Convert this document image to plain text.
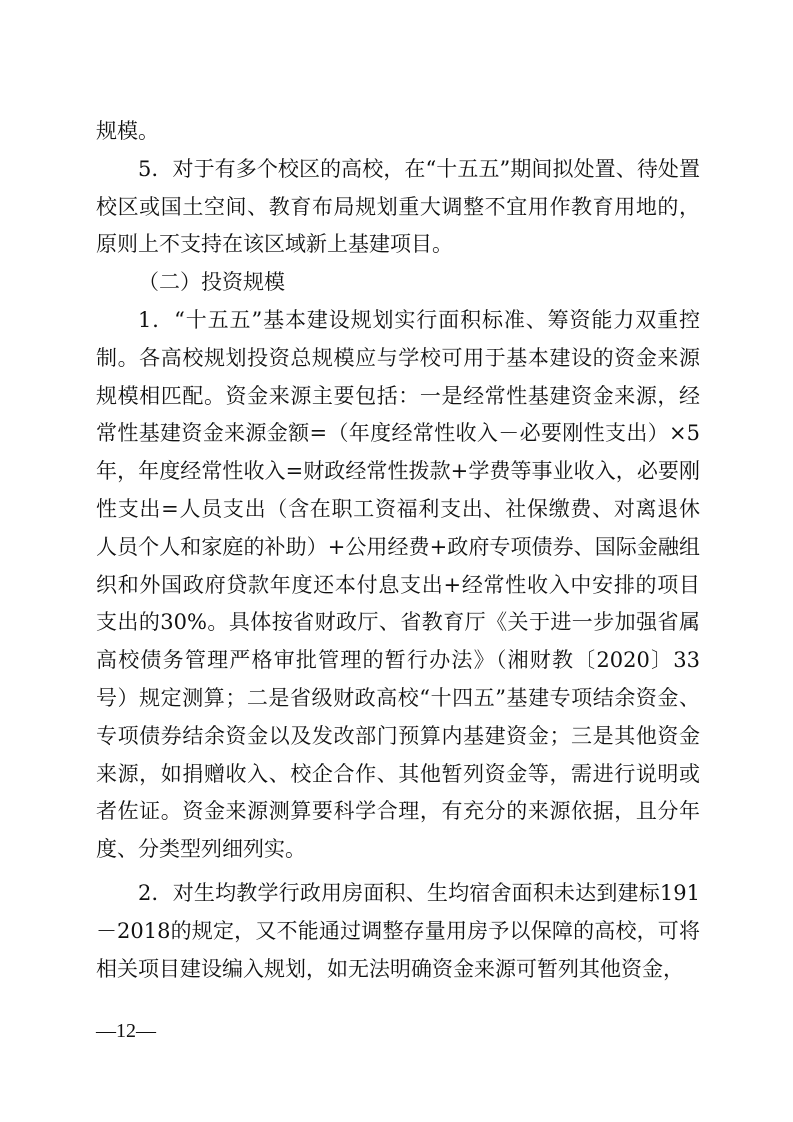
规模。

5．对于有多个校区的高校，在“十五五”期间拟处置、待处置校区或国土空间、教育布局规划重大调整不宜用作教育用地的，原则上不支持在该区域新上基建项目。

（二）投资规模

1．“十五五”基本建设规划实行面积标准、筹资能力双重控制。各高校规划投资总规模应与学校可用于基本建设的资金来源规模相匹配。资金来源主要包括：一是经常性基建资金来源，经常性基建资金来源金额=（年度经常性收入－必要刚性支出）×5年，年度经常性收入=财政经常性拨款+学费等事业收入，必要刚性支出=人员支出（含在职工资福利支出、社保缴费、对离退休人员个人和家庭的补助）+公用经费+政府专项债券、国际金融组织和外国政府贷款年度还本付息支出+经常性收入中安排的项目支出的30%。具体按省财政厅、省教育厅《关于进一步加强省属高校债务管理严格审批管理的暂行办法》（湘财教〔2020〕33号）规定测算；二是省级财政高校“十四五”基建专项结余资金、专项债券结余资金以及发改部门预算内基建资金；三是其他资金来源，如捐赠收入、校企合作、其他暂列资金等，需进行说明或者佐证。资金来源测算要科学合理，有充分的来源依据，且分年度、分类型列细列实。

2．对生均教学行政用房面积、生均宿舍面积未达到建标191－2018的规定，又不能通过调整存量用房予以保障的高校，可将相关项目建设编入规划，如无法明确资金来源可暂列其他资金，

—12—
